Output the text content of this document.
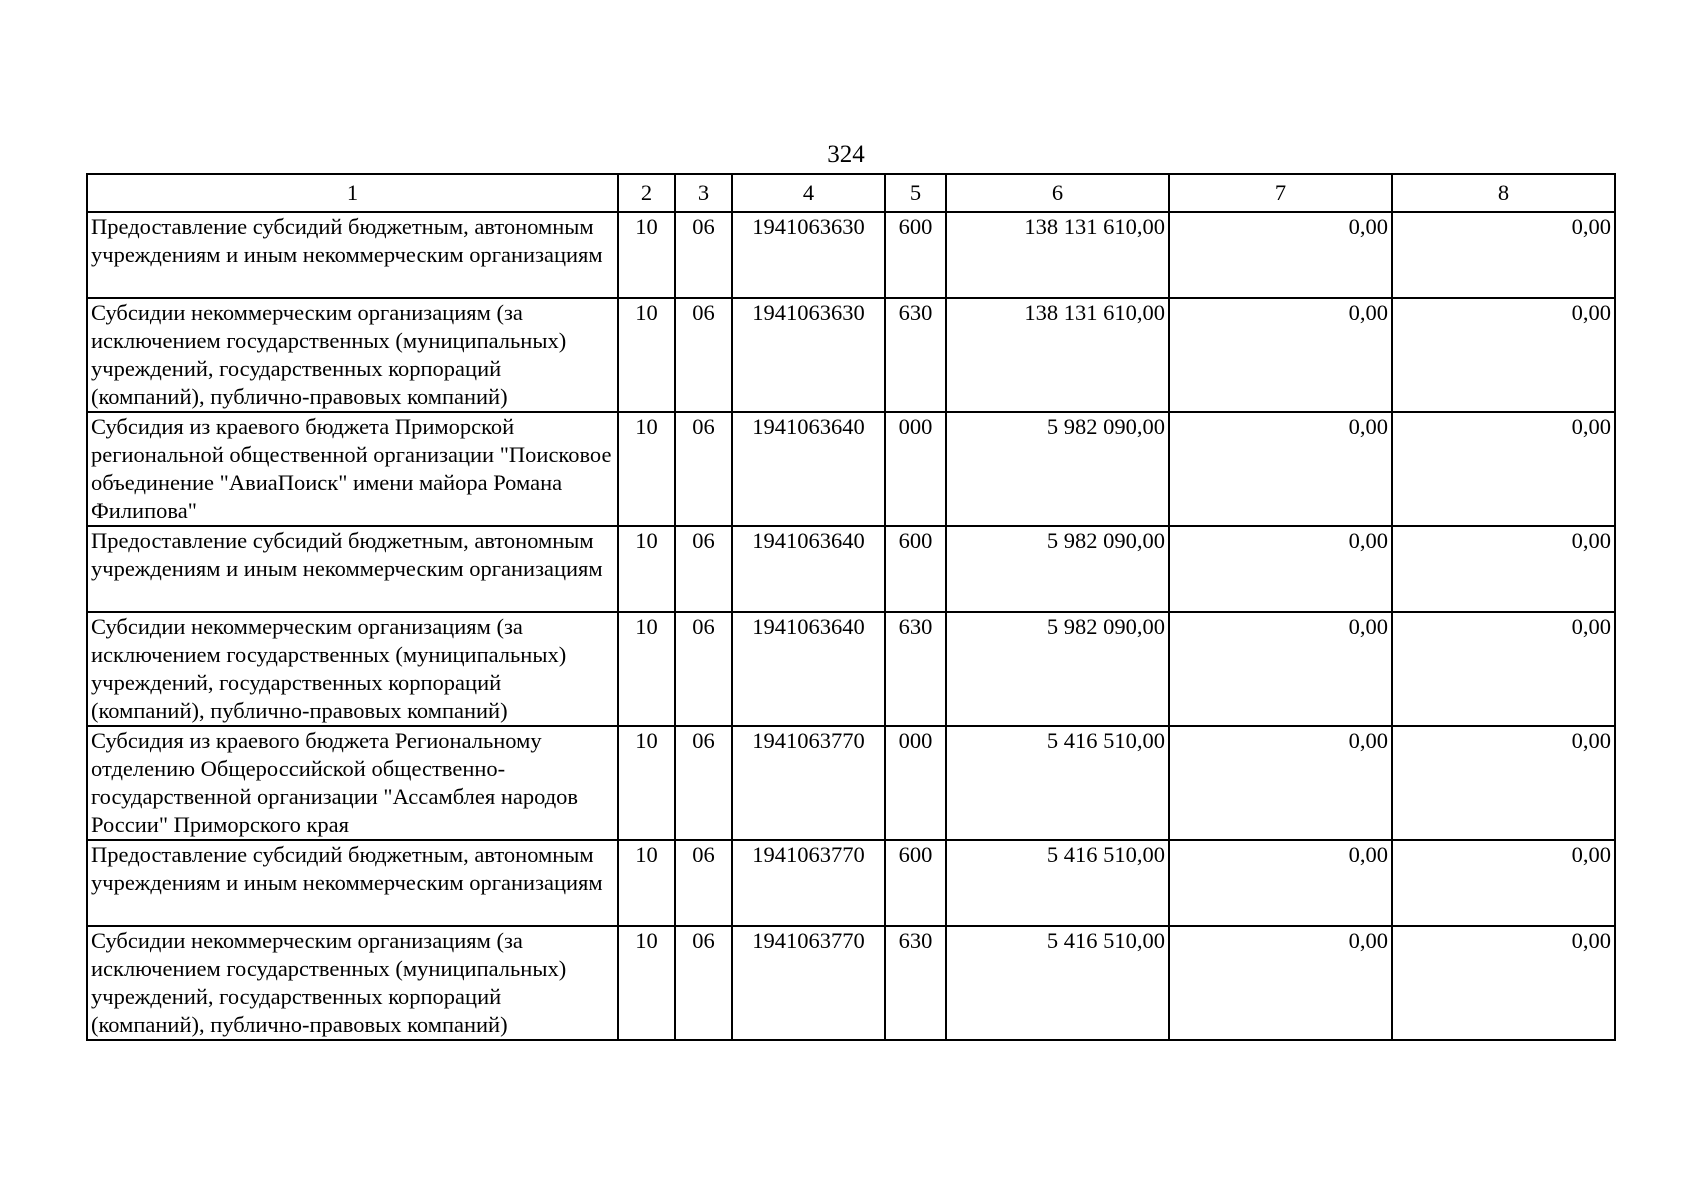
324
1	2	3	4	5	6	7	8
Предоставление субсидий бюджетным, автономным учреждениям и иным некоммерческим организациям	10	06	1941063630	600	138 131 610,00	0,00	0,00
Субсидии некоммерческим организациям (за исключением государственных (муниципальных) учреждений, государственных корпораций (компаний), публично-правовых компаний)	10	06	1941063630	630	138 131 610,00	0,00	0,00
Субсидия из краевого бюджета Приморской региональной общественной организации "Поисковое объединение "АвиаПоиск" имени майора Романа Филипова"	10	06	1941063640	000	5 982 090,00	0,00	0,00
Предоставление субсидий бюджетным, автономным учреждениям и иным некоммерческим организациям	10	06	1941063640	600	5 982 090,00	0,00	0,00
Субсидии некоммерческим организациям (за исключением государственных (муниципальных) учреждений, государственных корпораций (компаний), публично-правовых компаний)	10	06	1941063640	630	5 982 090,00	0,00	0,00
Субсидия из краевого бюджета Региональному отделению Общероссийской общественно-государственной организации "Ассамблея народов России" Приморского края	10	06	1941063770	000	5 416 510,00	0,00	0,00
Предоставление субсидий бюджетным, автономным учреждениям и иным некоммерческим организациям	10	06	1941063770	600	5 416 510,00	0,00	0,00
Субсидии некоммерческим организациям (за исключением государственных (муниципальных) учреждений, государственных корпораций (компаний), публично-правовых компаний)	10	06	1941063770	630	5 416 510,00	0,00	0,00
